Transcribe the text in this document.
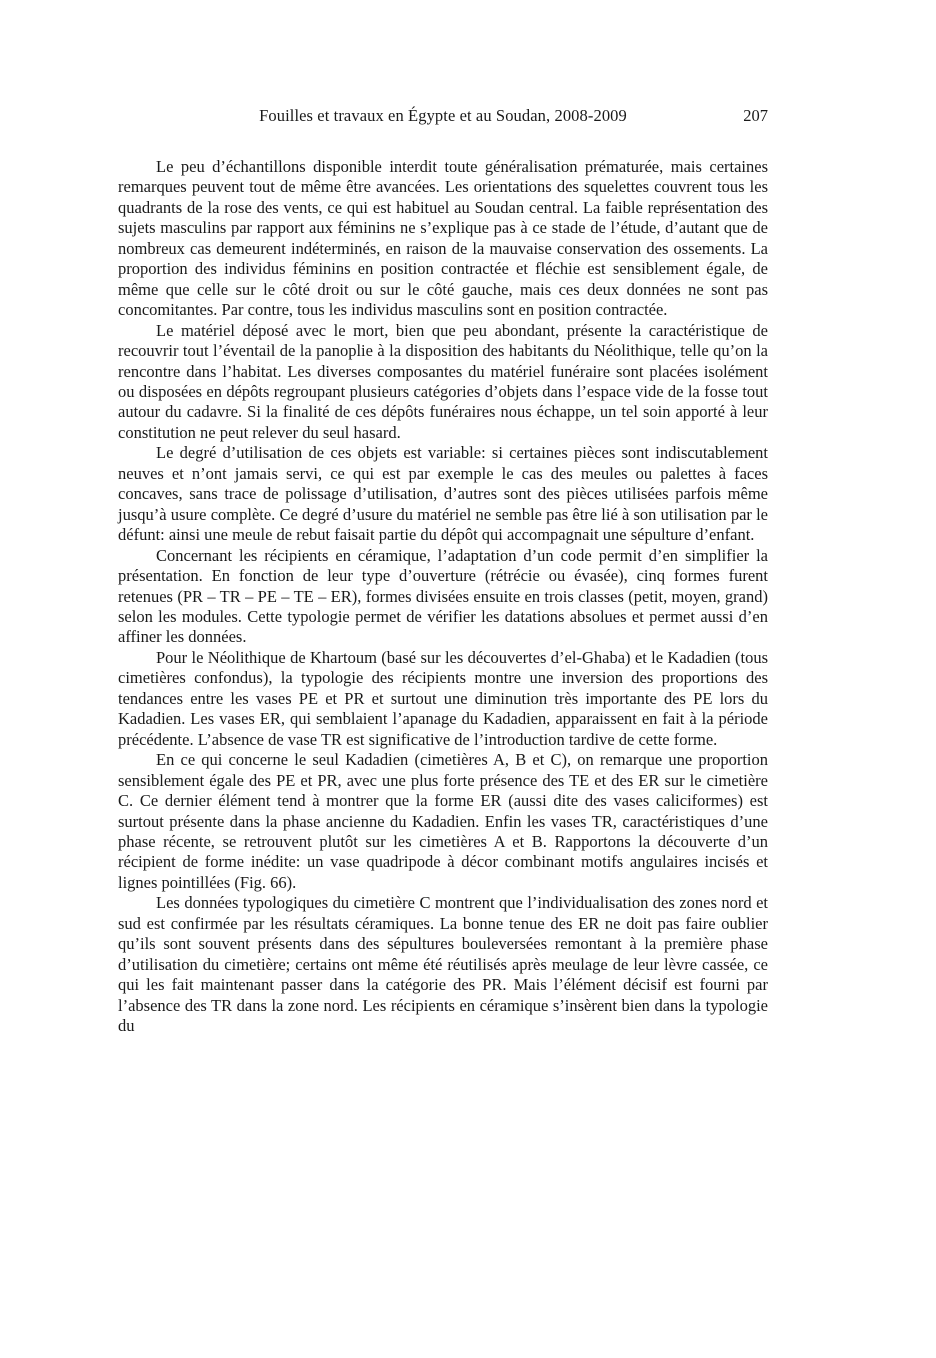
Fouilles et travaux en Égypte et au Soudan, 2008-2009	207

Le peu d’échantillons disponible interdit toute généralisation prématurée, mais certaines remarques peuvent tout de même être avancées. Les orientations des squelettes couvrent tous les quadrants de la rose des vents, ce qui est habituel au Soudan central. La faible représentation des sujets masculins par rapport aux féminins ne s’explique pas à ce stade de l’étude, d’autant que de nombreux cas demeurent indéterminés, en raison de la mauvaise conservation des ossements. La proportion des individus féminins en position contractée et fléchie est sensiblement égale, de même que celle sur le côté droit ou sur le côté gauche, mais ces deux données ne sont pas concomitantes. Par contre, tous les individus masculins sont en position contractée.

Le matériel déposé avec le mort, bien que peu abondant, présente la caractéristique de recouvrir tout l’éventail de la panoplie à la disposition des habitants du Néolithique, telle qu’on la rencontre dans l’habitat. Les diverses composantes du matériel funéraire sont placées isolément ou disposées en dépôts regroupant plusieurs catégories d’objets dans l’espace vide de la fosse tout autour du cadavre. Si la finalité de ces dépôts funéraires nous échappe, un tel soin apporté à leur constitution ne peut relever du seul hasard.

Le degré d’utilisation de ces objets est variable: si certaines pièces sont indiscutablement neuves et n’ont jamais servi, ce qui est par exemple le cas des meules ou palettes à faces concaves, sans trace de polissage d’utilisation, d’autres sont des pièces utilisées parfois même jusqu’à usure complète. Ce degré d’usure du matériel ne semble pas être lié à son utilisation par le défunt: ainsi une meule de rebut faisait partie du dépôt qui accompagnait une sépulture d’enfant.

Concernant les récipients en céramique, l’adaptation d’un code permit d’en simplifier la présentation. En fonction de leur type d’ouverture (rétrécie ou évasée), cinq formes furent retenues (PR – TR – PE – TE – ER), formes divisées ensuite en trois classes (petit, moyen, grand) selon les modules. Cette typologie permet de vérifier les datations absolues et permet aussi d’en affiner les données.

Pour le Néolithique de Khartoum (basé sur les découvertes d’el-Ghaba) et le Kadadien (tous cimetières confondus), la typologie des récipients montre une inversion des proportions des tendances entre les vases PE et PR et surtout une diminution très importante des PE lors du Kadadien. Les vases ER, qui semblaient l’apanage du Kadadien, apparaissent en fait à la période précédente. L’absence de vase TR est significative de l’introduction tardive de cette forme.

En ce qui concerne le seul Kadadien (cimetières A, B et C), on remarque une proportion sensiblement égale des PE et PR, avec une plus forte présence des TE et des ER sur le cimetière C. Ce dernier élément tend à montrer que la forme ER (aussi dite des vases caliciformes) est surtout présente dans la phase ancienne du Kadadien. Enfin les vases TR, caractéristiques d’une phase récente, se retrouvent plutôt sur les cimetières A et B. Rapportons la découverte d’un récipient de forme inédite: un vase quadripode à décor combinant motifs angulaires incisés et lignes pointillées (Fig. 66).

Les données typologiques du cimetière C montrent que l’individualisation des zones nord et sud est confirmée par les résultats céramiques. La bonne tenue des ER ne doit pas faire oublier qu’ils sont souvent présents dans des sépultures bouleversées remontant à la première phase d’utilisation du cimetière; certains ont même été réutilisés après meulage de leur lèvre cassée, ce qui les fait maintenant passer dans la catégorie des PR. Mais l’élément décisif est fourni par l’absence des TR dans la zone nord. Les récipients en céramique s’insèrent bien dans la typologie du
